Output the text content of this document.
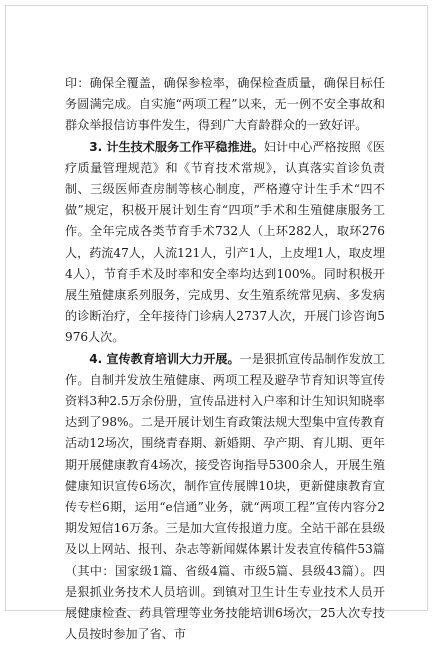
印：确保全覆盖，确保参检率，确保检查质量，确保目标任务圆满完成。自实施“两项工程”以来，无一例不安全事故和群众举报信访事件发生，得到广大育龄群众的一致好评。

3. 计生技术服务工作平稳推进。妇计中心严格按照《医疗质量管理规范》和《节育技术常规》，认真落实首诊负责制、三级医师查房制等核心制度，严格遵守计生手术“四不做”规定，积极开展计划生育“四项”手术和生殖健康服务工作。全年完成各类节育手术732人（上环282人，取环276人，药流47人，人流121人，引产1人，上皮埋1人，取皮埋4人），节育手术及时率和安全率均达到100%。同时积极开展生殖健康系列服务，完成男、女生殖系统常见病、多发病的诊断治疗，全年接待门诊病人2737人次，开展门诊咨询5976人次。

4. 宣传教育培训大力开展。一是狠抓宣传品制作发放工作。自制并发放生殖健康、两项工程及避孕节育知识等宣传资料3种2.5万余份册，宣传品进村入户率和计生知识知晓率达到了98%。二是开展计划生育政策法规大型集中宣传教育活动12场次，围绕青春期、新婚期、孕产期、育儿期、更年期开展健康教育4场次，接受咨询指导5300余人，开展生殖健康知识宣传6场次，制作宣传展牌10块，更新健康教育宣传专栏6期，运用“e信通”业务，就“两项工程”宣传内容分2期发短信16万条。三是加大宣传报道力度。全站干部在县级及以上网站、报刊、杂志等新闻媒体累计发表宣传稿件53篇（其中：国家级1篇、省级4篇、市级5篇、县级43篇）。四是狠抓业务技术人员培训。到镇对卫生计生专业技术人员开展健康检查、药具管理等业务技能培训6场次，25人次专技人员按时参加了省、市
